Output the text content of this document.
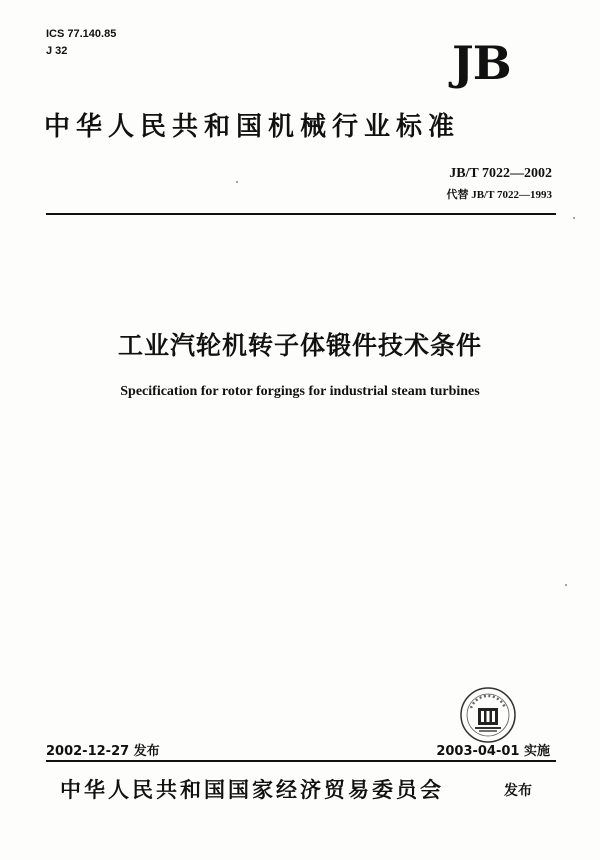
ICS 77.140.85
J 32	JB
中华人民共和国机械行业标准
JB/T 7022—2002
代替 JB/T 7022—1993
工业汽轮机转子体锻件技术条件
Specification for rotor forgings for industrial steam turbines
2002-12-27 发布	2003-04-01 实施
中华人民共和国国家经济贸易委员会	发布
